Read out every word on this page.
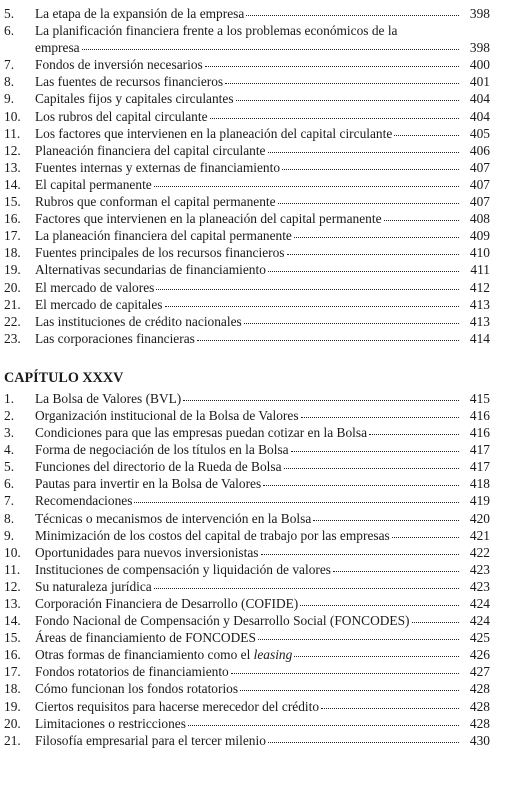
5.	La etapa de la expansión de la empresa	398
6.	La planificación financiera frente a los problemas económicos de la
empresa	398
7.	Fondos de inversión necesarios	400
8.	Las fuentes de recursos financieros	401
9.	Capitales fijos y capitales circulantes	404
10.	Los rubros del capital circulante	404
11.	Los factores que intervienen en la planeación del capital circulante	405
12.	Planeación financiera del capital circulante	406
13.	Fuentes internas y externas de financiamiento	407
14.	El capital permanente	407
15.	Rubros que conforman el capital permanente	407
16.	Factores que intervienen en la planeación del capital permanente	408
17.	La planeación financiera del capital permanente	409
18.	Fuentes principales de los recursos financieros	410
19.	Alternativas secundarias de financiamiento	411
20.	El mercado de valores	412
21.	El mercado de capitales	413
22.	Las instituciones de crédito nacionales	413
23.	Las corporaciones financieras	414
CAPÍTULO XXXV
1.	La Bolsa de Valores (BVL)	415
2.	Organización institucional de la Bolsa de Valores	416
3.	Condiciones para que las empresas puedan cotizar en la Bolsa	416
4.	Forma de negociación de los títulos en la Bolsa	417
5.	Funciones del directorio de la Rueda de Bolsa	417
6.	Pautas para invertir en la Bolsa de Valores	418
7.	Recomendaciones	419
8.	Técnicas o mecanismos de intervención en la Bolsa	420
9.	Minimización de los costos del capital de trabajo por las empresas	421
10.	Oportunidades para nuevos inversionistas	422
11.	Instituciones de compensación y liquidación de valores	423
12.	Su naturaleza jurídica	423
13.	Corporación Financiera de Desarrollo (COFIDE)	424
14.	Fondo Nacional de Compensación y Desarrollo Social (FONCODES)	424
15.	Áreas de financiamiento de FONCODES	425
16.	Otras formas de financiamiento como el leasing	426
17.	Fondos rotatorios de financiamiento	427
18.	Cómo funcionan los fondos rotatorios	428
19.	Ciertos requisitos para hacerse merecedor del crédito	428
20.	Limitaciones o restricciones	428
21.	Filosofía empresarial para el tercer milenio	430
